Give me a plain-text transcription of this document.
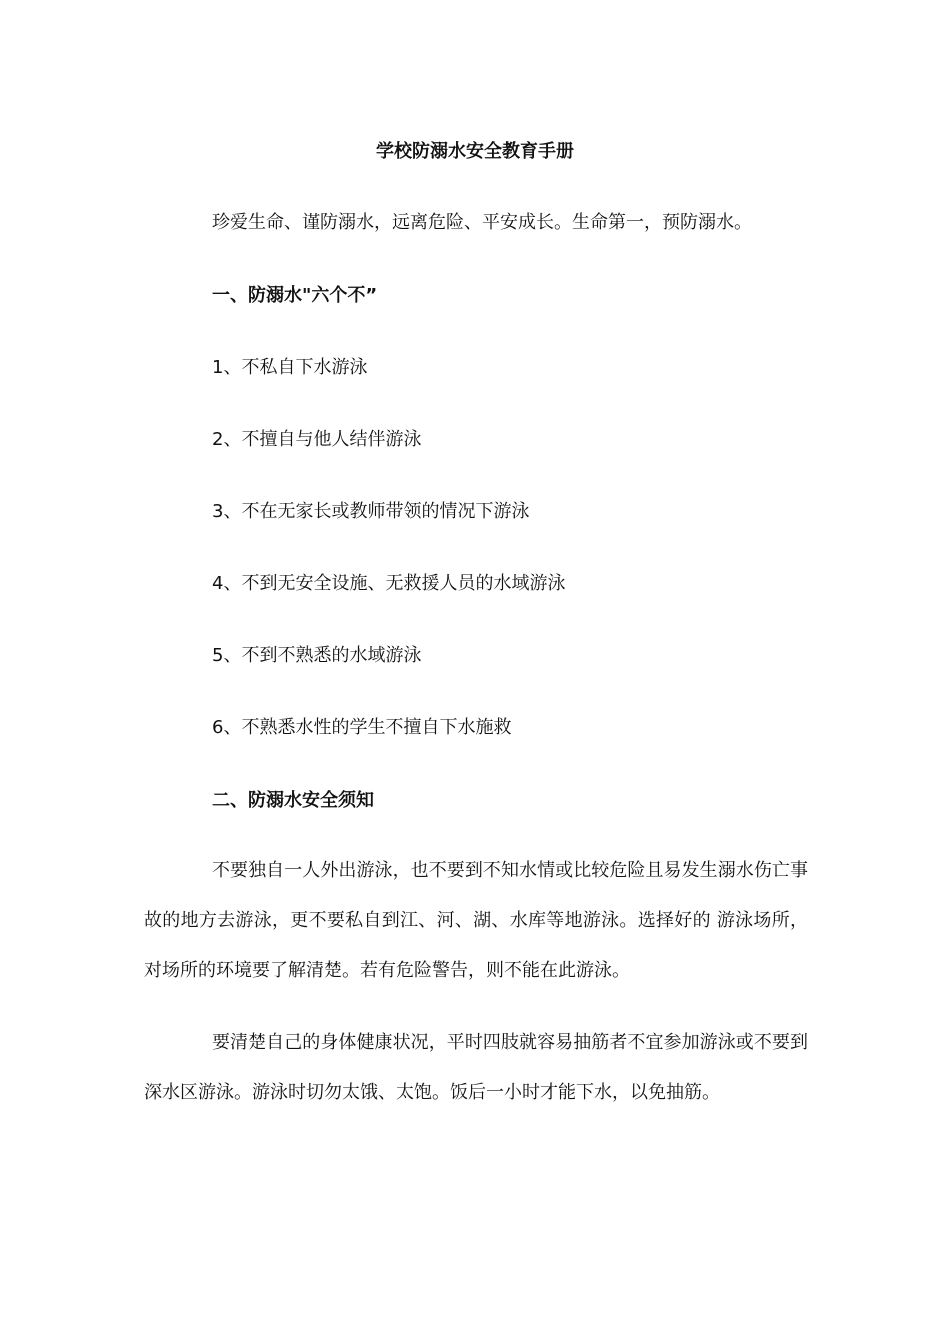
学校防溺水安全教育手册
珍爱生命、谨防溺水，远离危险、平安成长。生命第一，预防溺水。
一、防溺水"六个不”
1、不私自下水游泳
2、不擅自与他人结伴游泳
3、不在无家长或教师带领的情况下游泳
4、不到无安全设施、无救援人员的水域游泳
5、不到不熟悉的水域游泳
6、不熟悉水性的学生不擅自下水施救
二、防溺水安全须知
不要独自一人外出游泳，也不要到不知水情或比较危险且易发生溺水伤亡事故的地方去游泳，更不要私自到江、河、湖、水库等地游泳。选择好的 游泳场所，对场所的环境要了解清楚。若有危险警告，则不能在此游泳。
要清楚自己的身体健康状况，平时四肢就容易抽筋者不宜参加游泳或不要到深水区游泳。游泳时切勿太饿、太饱。饭后一小时才能下水，以免抽筋。
